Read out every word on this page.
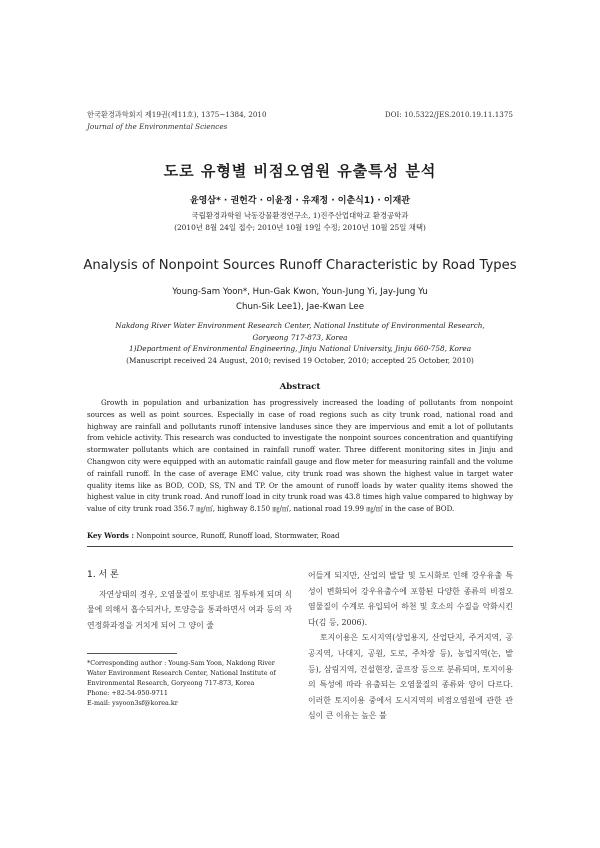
한국환경과학회지 제19권(제11호), 1375~1384, 2010	DOI: 10.5322/JES.2010.19.11.1375
Journal of the Environmental Sciences
도로 유형별 비점오염원 유출특성 분석
윤영삼* · 권헌각 · 이윤정 · 유재정 · 이춘식1) · 이재관
국립환경과학원 낙동강물환경연구소, 1)진주산업대학교 환경공학과
(2010년 8월 24일 접수; 2010년 10월 19일 수정; 2010년 10월 25일 채택)
Analysis of Nonpoint Sources Runoff Characteristic by Road Types
Young-Sam Yoon*, Hun-Gak Kwon, Youn-Jung Yi, Jay-Jung Yu
Chun-Sik Lee1), Jae-Kwan Lee
Nakdong River Water Environment Research Center, National Institute of Environmental Research,
Goryeong 717-873, Korea
1)Department of Environmental Engineering, Jinju National University, Jinju 660-758, Korea
(Manuscript received 24 August, 2010; revised 19 October, 2010; accepted 25 October, 2010)
Abstract
Growth in population and urbanization has progressively increased the loading of pollutants from nonpoint sources as well as point sources. Especially in case of road regions such as city trunk road, national road and highway are rainfall and pollutants runoff intensive landuses since they are impervious and emit a lot of pollutants from vehicle activity. This research was conducted to investigate the nonpoint sources concentration and quantifying stormwater pollutants which are contained in rainfall runoff water. Three different monitoring sites in Jinju and Changwon city were equipped with an automatic rainfall gauge and flow meter for measuring rainfall and the volume of rainfall runoff. In the case of average EMC value, city trunk road was shown the highest value in target water quality items like as BOD, COD, SS, TN and TP. Or the amount of runoff loads by water quality items showed the highest value in city trunk road. And runoff load in city trunk road was 43.8 times high value compared to highway by value of city trunk road 356.7 ㎎/㎡, highway 8.150 ㎎/㎡, national road 19.99 ㎎/㎡ in the case of BOD.
Key Words : Nonpoint source, Runoff, Runoff load, Stormwater, Road
1. 서 론

자연상태의 경우, 오염물질이 토양내로 침투하게 되며 식물에 의해서 흡수되거나, 토양층을 통과하면서 여과 등의 자연정화과정을 거치게 되어 그 양이 줄

*Corresponding author : Young-Sam Yoon, Nakdong River Water Environment Research Center, National Institute of Environmental Research, Goryeong 717-873, Korea
Phone: +82-54-950-9711
E-mail: ysyoon3sf@korea.kr

어들게 되지만, 산업의 발달 및 도시화로 인해 강우유출 특성이 변화되어 강우유출수에 포함된 다양한 종류의 비점오염물질이 수계로 유입되어 하천 및 호소의 수질을 악화시킨다(김 등, 2006).

토지이용은 도시지역(상업용지, 산업단지, 주거지역, 공공지역, 나대지, 공원, 도로, 주차장 등), 농업지역(논, 밭 등), 삼림지역, 건설현장, 골프장 등으로 분류되며, 토지이용의 특성에 따라 유출되는 오염물질의 종류와 양이 다르다. 이러한 토지이용 중에서 도시지역의 비점오염원에 관한 관심이 큰 이유는 높은 불
